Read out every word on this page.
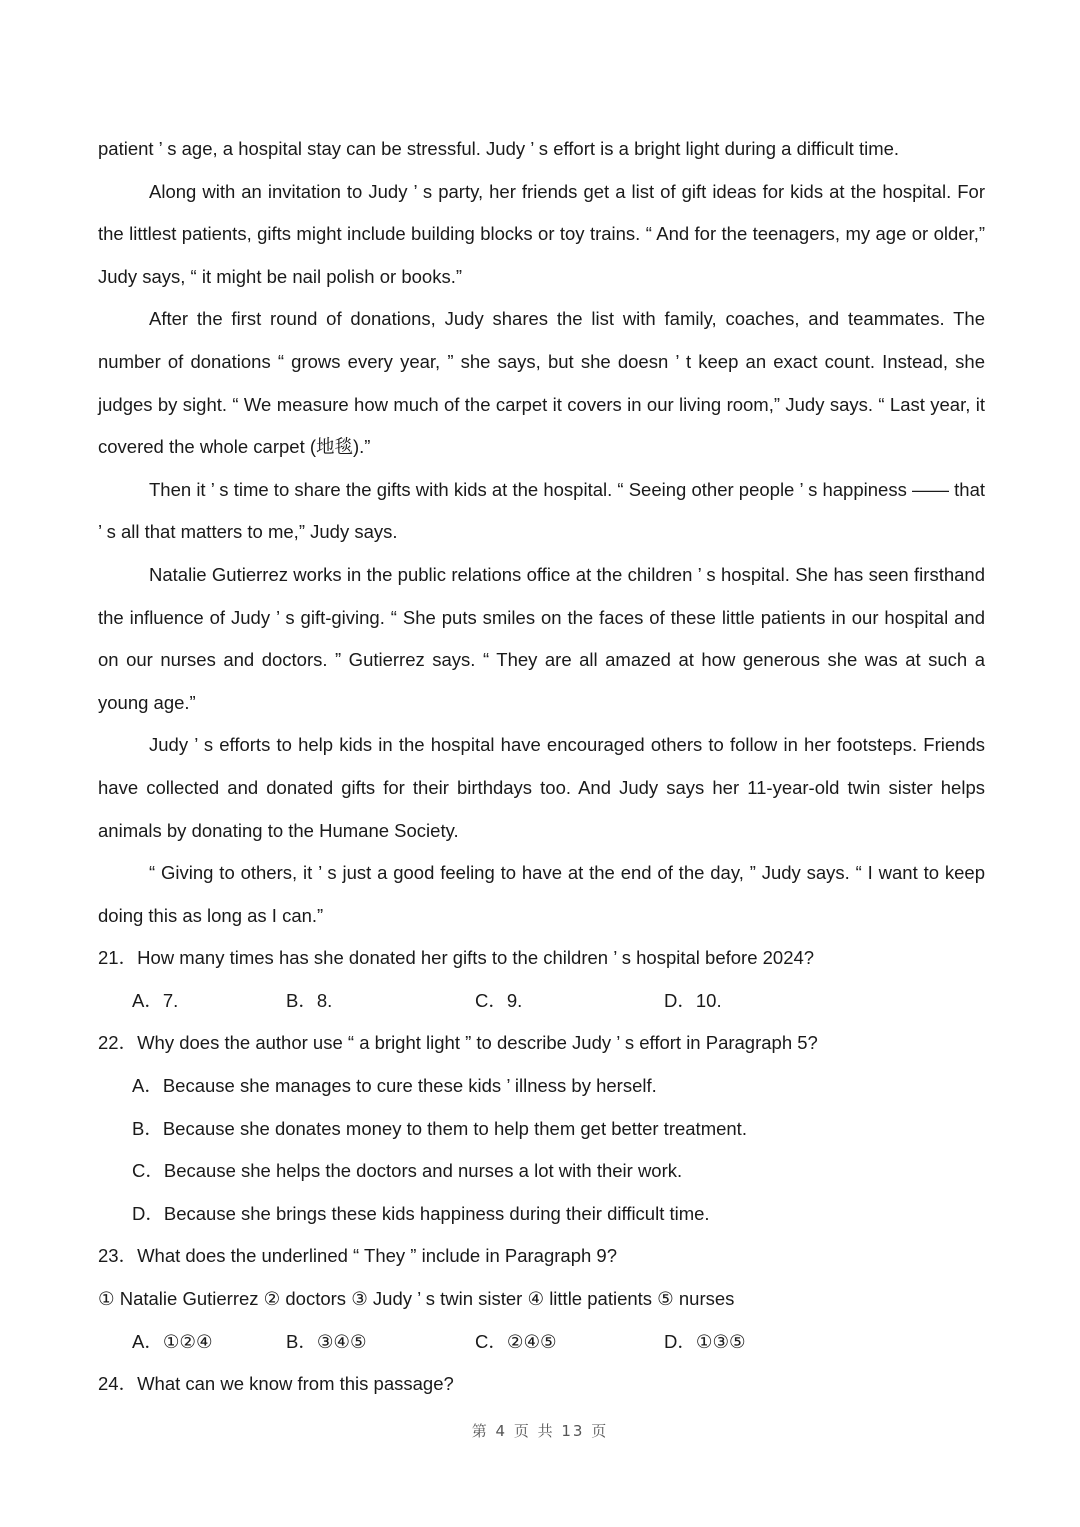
patient ’ s age, a hospital stay can be stressful. Judy ’ s effort is a bright light during a difficult time.

Along with an invitation to Judy ’ s party, her friends get a list of gift ideas for kids at the hospital. For the littlest patients, gifts might include building blocks or toy trains. “ And for the teenagers, my age or older,” Judy says, “ it might be nail polish or books.”

After the first round of donations, Judy shares the list with family, coaches, and teammates. The number of donations “ grows every year, ” she says, but she doesn ’ t keep an exact count. Instead, she judges by sight. “ We measure how much of the carpet it covers in our living room,” Judy says. “ Last year, it covered the whole carpet (地毯).”

Then it ’ s time to share the gifts with kids at the hospital. “ Seeing other people ’ s happiness —— that ’ s all that matters to me,” Judy says.

Natalie Gutierrez works in the public relations office at the children ’ s hospital. She has seen firsthand the influence of Judy ’ s gift-giving. “ She puts smiles on the faces of these little patients in our hospital and on our nurses and doctors. ” Gutierrez says. “ They are all amazed at how generous she was at such a young age.”

Judy ’ s efforts to help kids in the hospital have encouraged others to follow in her footsteps. Friends have collected and donated gifts for their birthdays too. And Judy says her 11-year-old twin sister helps animals by donating to the Humane Society.

“ Giving to others, it ’ s just a good feeling to have at the end of the day, ” Judy says. “ I want to keep doing this as long as I can.”

21．How many times has she donated her gifts to the children ’ s hospital before 2024?

A．7.	B．8.	C．9.	D．10.

22．Why does the author use “ a bright light ” to describe Judy ’ s effort in Paragraph 5?

A．Because she manages to cure these kids ’ illness by herself.

B．Because she donates money to them to help them get better treatment.

C．Because she helps the doctors and nurses a lot with their work.

D．Because she brings these kids happiness during their difficult time.

23．What does the underlined “ They ” include in Paragraph 9?

① Natalie Gutierrez ② doctors ③ Judy ’ s twin sister ④ little patients ⑤ nurses

A．①②④	B．③④⑤	C．②④⑤	D．①③⑤

24．What can we know from this passage?

第 4 页 共 13 页
